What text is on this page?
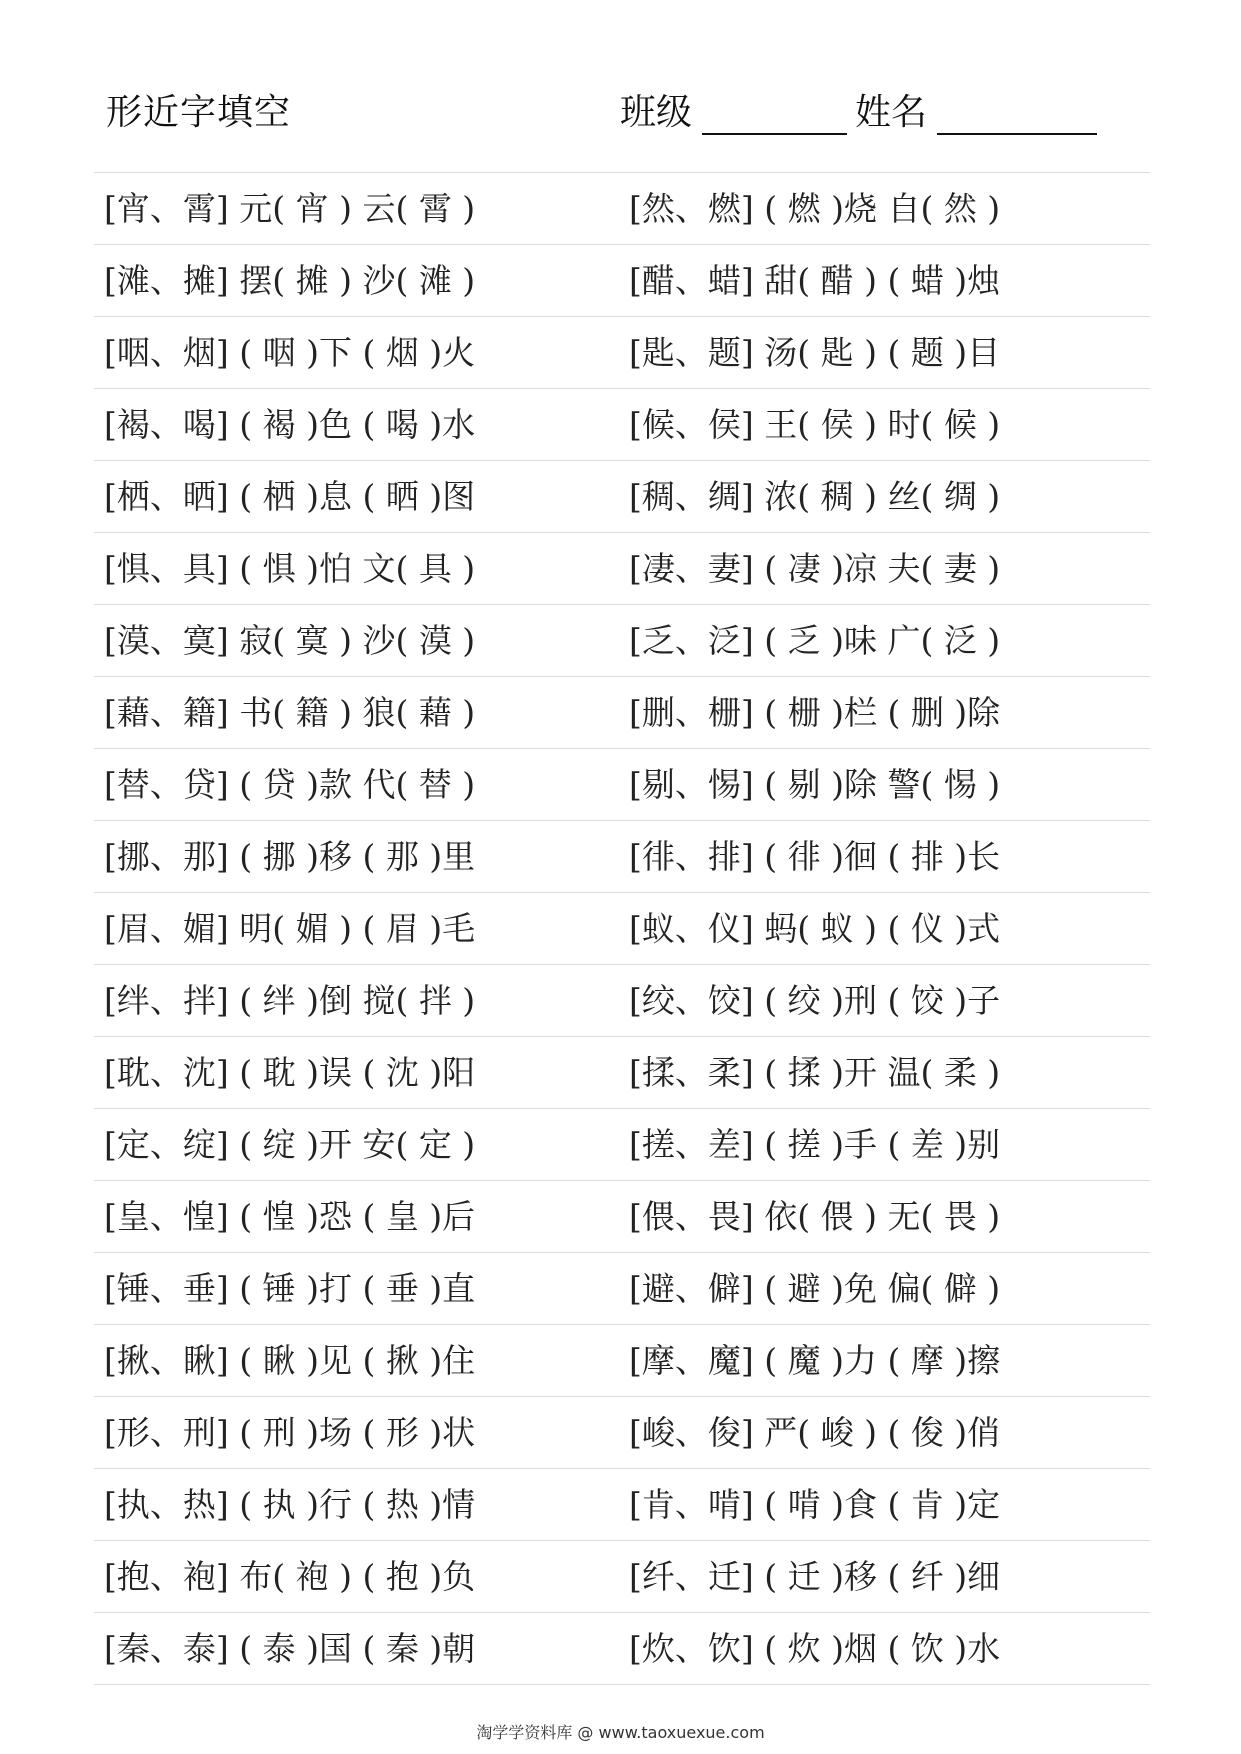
形近字填空	班级	姓名
[宵、霄] 元( 宵 ) 云( 霄 )	[然、燃] ( 燃 )烧 自( 然 )
[滩、摊] 摆( 摊 ) 沙( 滩 )	[醋、蜡] 甜( 醋 ) ( 蜡 )烛
[咽、烟] ( 咽 )下 ( 烟 )火	[匙、题] 汤( 匙 ) ( 题 )目
[褐、喝] ( 褐 )色 ( 喝 )水	[候、侯] 王( 侯 ) 时( 候 )
[栖、晒] ( 栖 )息 ( 晒 )图	[稠、绸] 浓( 稠 ) 丝( 绸 )
[惧、具] ( 惧 )怕 文( 具 )	[凄、妻] ( 凄 )凉 夫( 妻 )
[漠、寞] 寂( 寞 ) 沙( 漠 )	[乏、泛] ( 乏 )味 广( 泛 )
[藉、籍] 书( 籍 ) 狼( 藉 )	[删、栅] ( 栅 )栏 ( 删 )除
[替、贷] ( 贷 )款 代( 替 )	[剔、惕] ( 剔 )除 警( 惕 )
[挪、那] ( 挪 )移 ( 那 )里	[徘、排] ( 徘 )徊 ( 排 )长
[眉、媚] 明( 媚 ) ( 眉 )毛	[蚁、仪] 蚂( 蚁 ) ( 仪 )式
[绊、拌] ( 绊 )倒 搅( 拌 )	[绞、饺] ( 绞 )刑 ( 饺 )子
[耽、沈] ( 耽 )误 ( 沈 )阳	[揉、柔] ( 揉 )开 温( 柔 )
[定、绽] ( 绽 )开 安( 定 )	[搓、差] ( 搓 )手 ( 差 )别
[皇、惶] ( 惶 )恐 ( 皇 )后	[偎、畏] 依( 偎 ) 无( 畏 )
[锤、垂] ( 锤 )打 ( 垂 )直	[避、僻] ( 避 )免 偏( 僻 )
[揪、瞅] ( 瞅 )见 ( 揪 )住	[摩、魔] ( 魔 )力 ( 摩 )擦
[形、刑] ( 刑 )场 ( 形 )状	[峻、俊] 严( 峻 ) ( 俊 )俏
[执、热] ( 执 )行 ( 热 )情	[肯、啃] ( 啃 )食 ( 肯 )定
[抱、袍] 布( 袍 ) ( 抱 )负	[纤、迁] ( 迁 )移 ( 纤 )细
[秦、泰] ( 泰 )国 ( 秦 )朝	[炊、饮] ( 炊 )烟 ( 饮 )水
淘学学资料库 @ www.taoxuexue.com
